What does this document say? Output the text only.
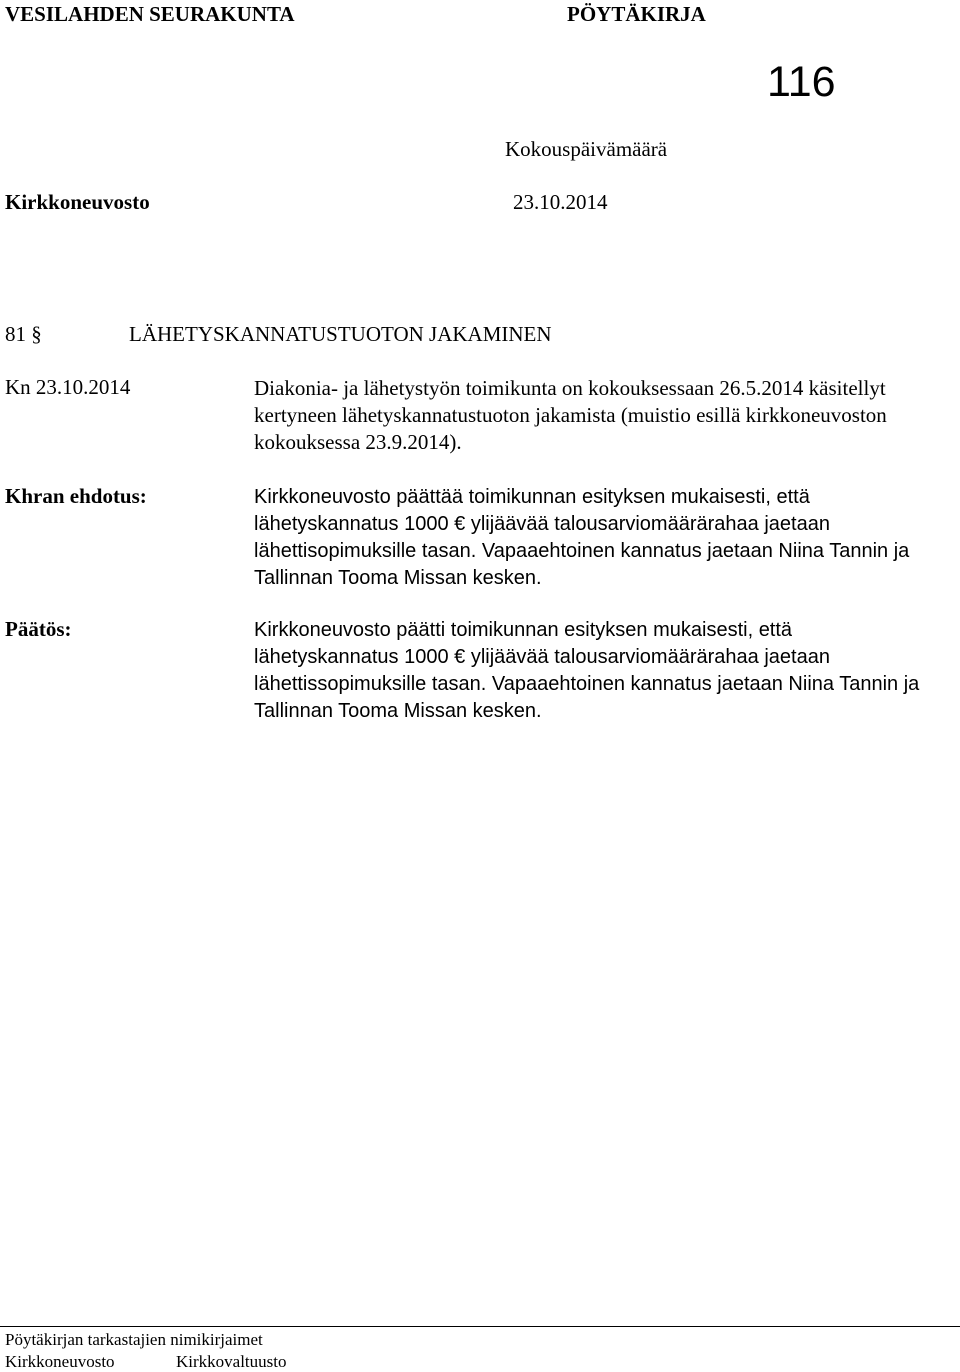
VESILAHDEN SEURAKUNTA	PÖYTÄKIRJA
116
Kokouspäivämäärä
Kirkkoneuvosto	23.10.2014
81 §	LÄHETYSKANNATUSTUOTON JAKAMINEN
Kn 23.10.2014	Diakonia- ja lähetystyön toimikunta on kokouksessaan 26.5.2014 käsitellyt
kertyneen lähetyskannatustuoton jakamista (muistio esillä kirkkoneuvoston
kokouksessa 23.9.2014).
Khran ehdotus:	Kirkkoneuvosto päättää toimikunnan esityksen mukaisesti, että
lähetyskannatus 1000 € ylijäävää talousarviomäärärahaa jaetaan
lähettisopimuksille tasan. Vapaaehtoinen kannatus jaetaan Niina Tannin ja
Tallinnan Tooma Missan kesken.
Päätös:	Kirkkoneuvosto päätti toimikunnan esityksen mukaisesti, että
lähetyskannatus 1000 € ylijäävää talousarviomäärärahaa jaetaan
lähettissopimuksille tasan. Vapaaehtoinen kannatus jaetaan Niina Tannin ja
Tallinnan Tooma Missan kesken.
Pöytäkirjan tarkastajien nimikirjaimet
Kirkkoneuvosto	Kirkkovaltuusto
